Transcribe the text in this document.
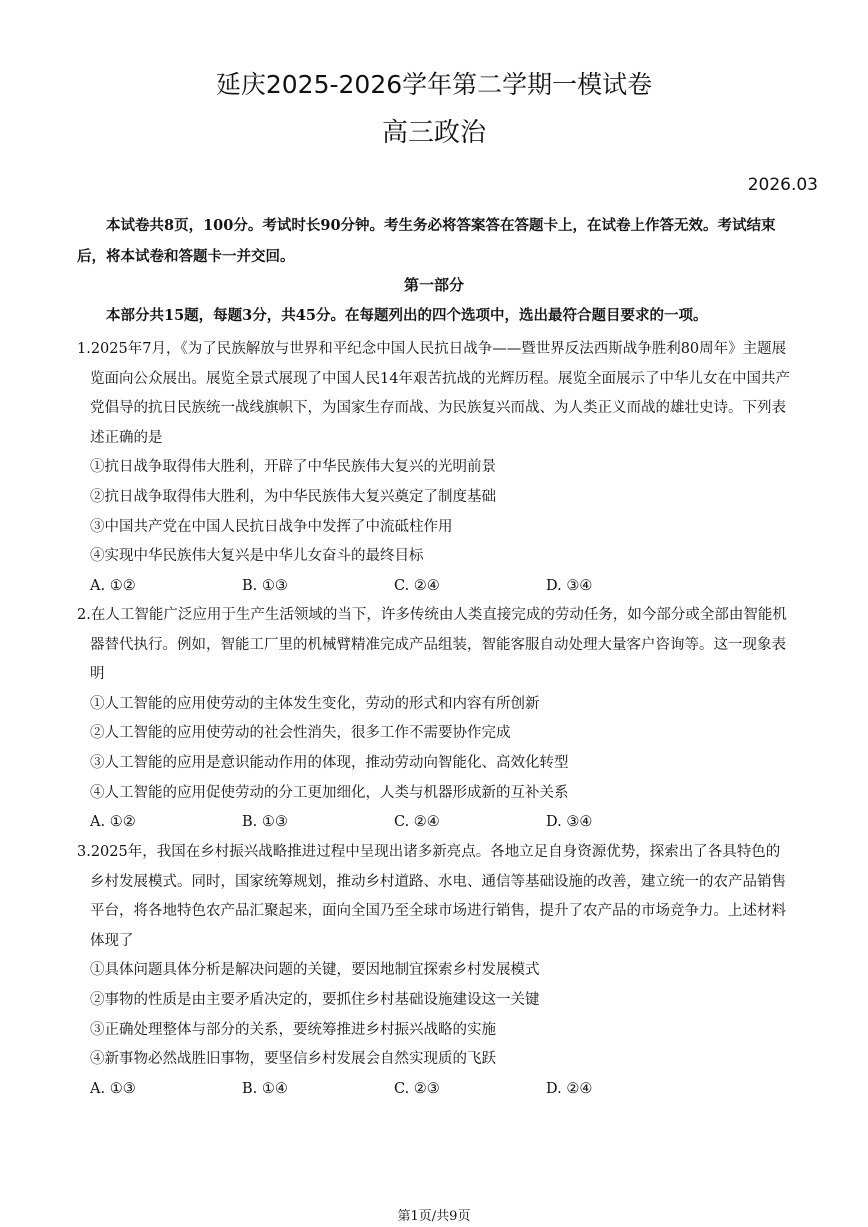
延庆2025-2026学年第二学期一模试卷
高三政治
2026.03
本试卷共8页，100分。考试时长90分钟。考生务必将答案答在答题卡上，在试卷上作答无效。考试结束后，将本试卷和答题卡一并交回。
第一部分
本部分共15题，每题3分，共45分。在每题列出的四个选项中，选出最符合题目要求的一项。

1.2025年7月，《为了民族解放与世界和平纪念中国人民抗日战争——暨世界反法西斯战争胜利80周年》主题展览面向公众展出。展览全景式展现了中国人民14年艰苦抗战的光辉历程。展览全面展示了中华儿女在中国共产党倡导的抗日民族统一战线旗帜下，为国家生存而战、为民族复兴而战、为人类正义而战的雄壮史诗。下列表述正确的是

①抗日战争取得伟大胜利，开辟了中华民族伟大复兴的光明前景

②抗日战争取得伟大胜利，为中华民族伟大复兴奠定了制度基础

③中国共产党在中国人民抗日战争中发挥了中流砥柱作用

④实现中华民族伟大复兴是中华儿女奋斗的最终目标

A. ①②	B. ①③	C. ②④	D. ③④

2.在人工智能广泛应用于生产生活领域的当下，许多传统由人类直接完成的劳动任务，如今部分或全部由智能机器替代执行。例如，智能工厂里的机械臂精准完成产品组装，智能客服自动处理大量客户咨询等。这一现象表明

①人工智能的应用使劳动的主体发生变化，劳动的形式和内容有所创新

②人工智能的应用使劳动的社会性消失，很多工作不需要协作完成

③人工智能的应用是意识能动作用的体现，推动劳动向智能化、高效化转型

④人工智能的应用促使劳动的分工更加细化，人类与机器形成新的互补关系

A. ①②	B. ①③	C. ②④	D. ③④

3.2025年，我国在乡村振兴战略推进过程中呈现出诸多新亮点。各地立足自身资源优势，探索出了各具特色的乡村发展模式。同时，国家统筹规划，推动乡村道路、水电、通信等基础设施的改善，建立统一的农产品销售平台，将各地特色农产品汇聚起来，面向全国乃至全球市场进行销售，提升了农产品的市场竞争力。上述材料体现了

①具体问题具体分析是解决问题的关键，要因地制宜探索乡村发展模式

②事物的性质是由主要矛盾决定的，要抓住乡村基础设施建设这一关键

③正确处理整体与部分的关系，要统筹推进乡村振兴战略的实施

④新事物必然战胜旧事物，要坚信乡村发展会自然实现质的飞跃

A. ①③	B. ①④	C. ②③	D. ②④
第1页/共9页
